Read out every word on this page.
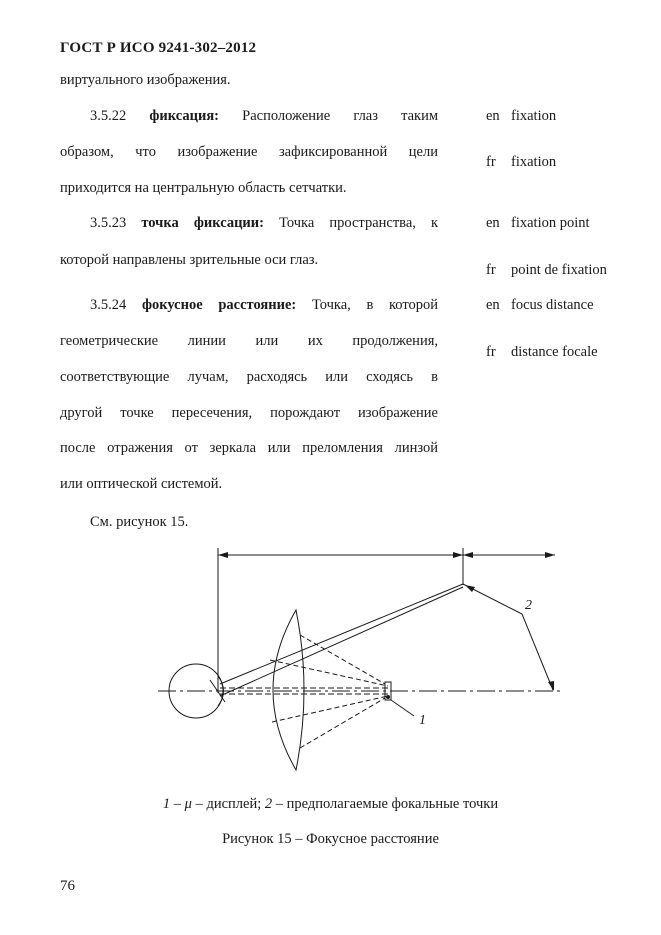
ГОСТ Р ИСО 9241-302–2012
виртуального изображения.
3.5.22 фиксация: Расположение глаз таким
образом, что изображение зафиксированной цели
приходится на центральную область сетчатки.
3.5.23 точка фиксации: Точка пространства, к
которой направлены зрительные оси глаз.
3.5.24 фокусное расстояние: Точка, в которой
геометрические линии или их продолжения,
соответствующие лучам, расходясь или сходясь в
другой точке пересечения, порождают изображение
после отражения от зеркала или преломления линзой
или оптической системой.
См. рисунок 15.
en fixation
fr fixation
en fixation point
fr point de fixation
en focus distance
fr distance focale
1
2
1 – μ – дисплей; 2 – предполагаемые фокальные точки
Рисунок 15 – Фокусное расстояние
76
